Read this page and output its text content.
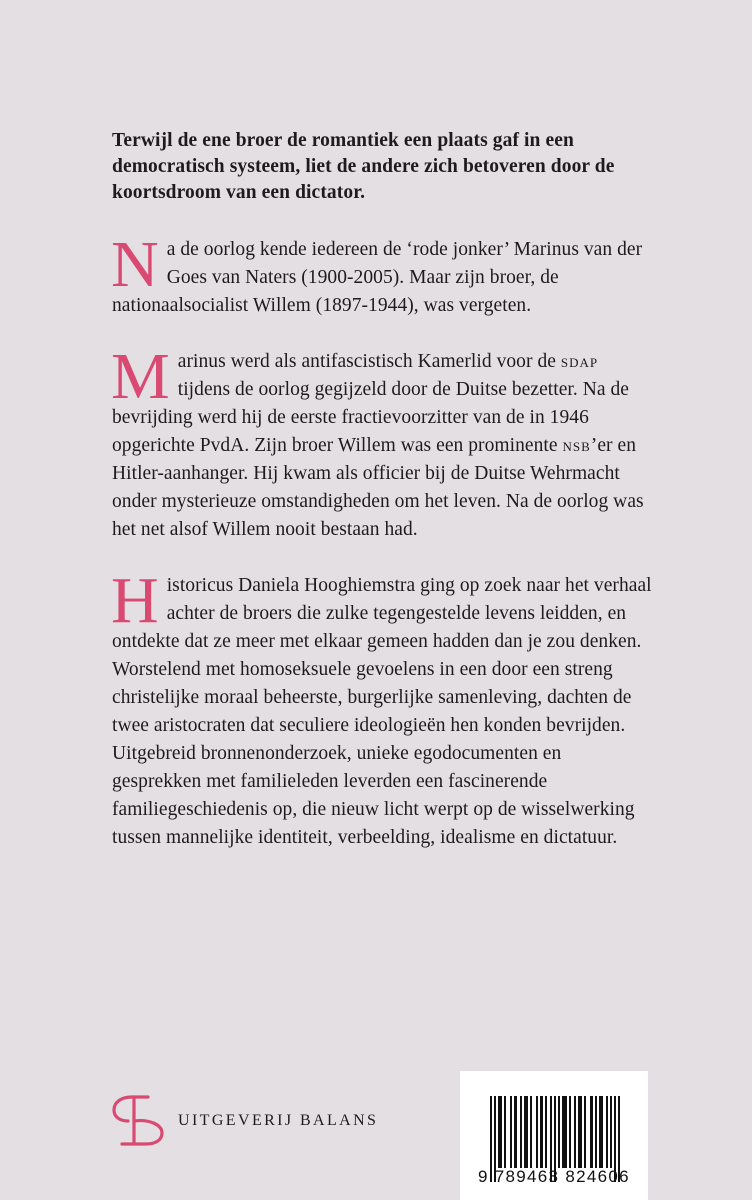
Terwijl de ene broer de romantiek een plaats gaf in een democratisch systeem, liet de andere zich betoveren door de koortsdroom van een dictator.

Na de oorlog kende iedereen de ‘rode jonker’ Marinus van der Goes van Naters (1900-2005). Maar zijn broer, de nationaalsocialist Willem (1897-1944), was vergeten.

Marinus werd als antifascistisch Kamerlid voor de sdap tijdens de oorlog gegijzeld door de Duitse bezetter. Na de bevrijding werd hij de eerste fractievoorzitter van de in 1946 opgerichte PvdA. Zijn broer Willem was een prominente nsb’er en Hitler-aanhanger. Hij kwam als officier bij de Duitse Wehrmacht onder mysterieuze omstandigheden om het leven. Na de oorlog was het net alsof Willem nooit bestaan had.

Historicus Daniela Hooghiemstra ging op zoek naar het verhaal achter de broers die zulke tegengestelde levens leidden, en ontdekte dat ze meer met elkaar gemeen hadden dan je zou denken. Worstelend met homoseksuele gevoelens in een door een streng christelijke moraal beheerste, burgerlijke samenleving, dachten de twee aristocraten dat seculiere ideologieën hen konden bevrijden. Uitgebreid bronnenonderzoek, unieke egodocumenten en gesprekken met familieleden leverden een fascinerende familiegeschiedenis op, die nieuw licht werpt op de wisselwerking tussen mannelijke identiteit, verbeelding, idealisme en dictatuur.

UITGEVERIJ BALANS
9 789463 824606
